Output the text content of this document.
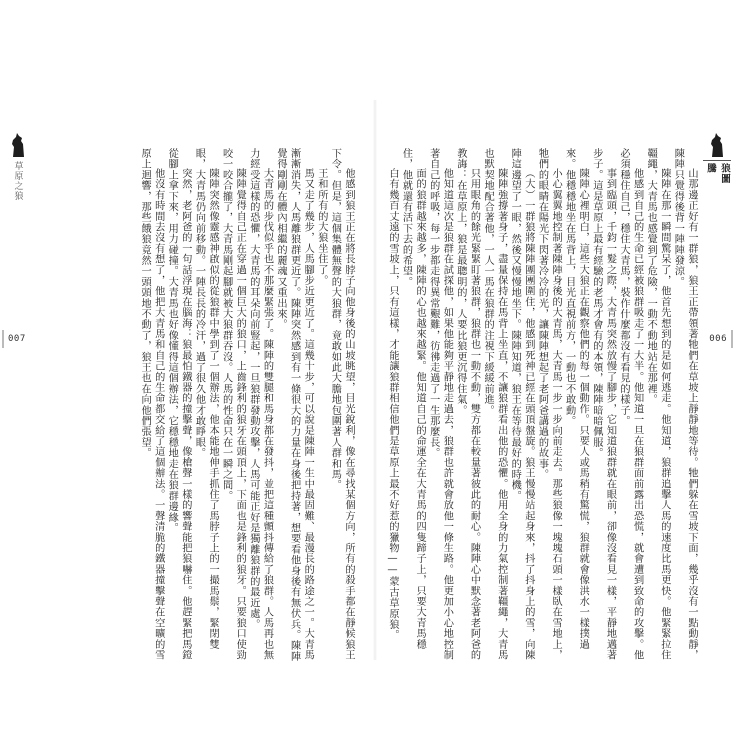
草原之狼
007	他感到狼王正在將長脖子向他身後的山坡眺望，目光銳利，像在尋找某個方向，所有的殺手都在靜候狼王下令。但是，這個集體無聲的大狼群，竟敢如此大膽地包圍著人群和馬。

王和所有的大狼坐住了。

馬又走了幾步，人馬腳步近更近了。這幾十步，可以說是陳陣一生中最固難、最漫長的路途之一。大青馬漸漸消失，人馬離狼群更近了。陳陣突然感到有一條很大的力量在身後把持著，想要看他身後有無伏兵。陳陣覺得剛剛在體內相繼的麗魂又重出來。

大青馬的步伐似乎也不那麼緊張了。陳陣的雙腿和馬身都在發抖，並把這種顫抖傳給了狼群。人馬再也無力經受這樣的恐懼，大青馬的耳朵向前豎起，一旦狼群發動攻擊，人馬可能正好是獨離狼群的最近處。

陳陣覺得自己正在穿過一個巨大的狼口，上齒鋒利的狼牙在頭頂上，下面也是鋒利的狼牙。只要狼口使勁咬一咬合攏了，大青馬剛起腳就被大狼群吞沒。人馬的性命只在一瞬之間。

陳陣突然像靈感神啟似的從狼群中學到了一個辦法，他本能地伸手抓住了馬脖子上的一撮馬鬃，緊閉雙眼，大青馬仍向前移動。一陣長長的冷汗，過了很久他才敢睜眼。

突然，老阿爸的一句話浮現在腦海：狼最怕鐵器的撞擊聲，像槍聲一樣的響聲能把狼嚇住。他趕緊把馬鐙從腳上拿下來，用力碰撞。大青馬也好像懂得這個辦法，它穩穩地走在狼群邊緣。

他沒有時間去沒有想了，他把大青馬和自己的生命都交給了這個辦法。一聲清脆的鐵器撞擊聲在空曠的雪原上迴響，那些餓狼竟然一頭頭地不動了，狼王也在向他們張望。	狼圖騰
006

山那邊正好有一群狼，狼王正帶領著牠們在草坡上靜靜地等待。牠們躲在雪坡下面，幾乎沒有一點動靜，陳陣只覺得後背一陣陣發涼。

陳陣在那一瞬間驚呆了，他首先想到的是如何逃走。他知道，狼群追擊人馬的速度比馬更快。他緊緊拉住韁繩，大青馬也感覺到了危險，一動不動地站在那裡。

他感到自己的生命已經被狼群吸走了一大半。他知道一旦在狼群面前露出恐慌，就會遭到致命的攻擊。他必須穩住自己，穩住大青馬，裝作什麼都沒有看見的樣子。

事到臨頭，千鈞一髮之際，大青馬突然放慢了腳步，它知道狼群就在眼前，卻像沒看見一樣，平靜地邁著步子。這是草原上最有經驗的老馬才會有的本領，陳陣暗暗佩服。

陳陣心裡明白，這些大狼正在觀察他們的每一個動作。只要人或馬稍有驚慌，狼群就會像洪水一樣撲過來。他穩穩地坐在馬背上，目光直視前方，一動也不敢動。

小心翼翼地控制著陳陣身後的大青馬，大青馬一步一步向前走去。那些狼像一塊塊石頭一樣臥在雪地上，牠們的眼睛在陽光下閃著冷冷的光，讓陳陣想起了老阿爸講過的故事。

（大）一群狼將陳陣團團圍住，他感到死神已經在頭頂盤旋。狼王慢慢站起身來，抖了抖身上的雪，向陳陣這邊望了一眼，然後又慢慢地坐下。陳陣知道，狼王在等待最好的時機。

陳陣強撐著身子，盡量保持在馬背上坐直，不讓狼群看出他的恐懼。他用全身的力氣控制著韁繩，大青馬也默契地配合著他，一人一馬在狼群的注視下緩緩前進。

只用眼角的餘光緊緊盯著狼群，狼群也一動不動，雙方都在較量著彼此的耐心。陳陣心中默念著老阿爸的教誨：在草原上，狼是最聰明的，人要比狼更沉得住氣。

他知道這次是狼群在試探他，如果他能夠平靜地走過去，狼群也許就會放他一條生路。他更加小心地控制著自己的呼吸，每一步都走得異常艱難，彷彿走過了一生那麼長。

面的狼群越來越多，陳陣的心也越來越緊。他知道自己的命運全在大青馬的四隻蹄子上，只要大青馬穩住，他就還有活下去的希望。

白有幾百丈遠的雪坡上，只有這樣，才能讓狼群相信他們是草原上最不好惹的獵物——蒙古草原狼。
